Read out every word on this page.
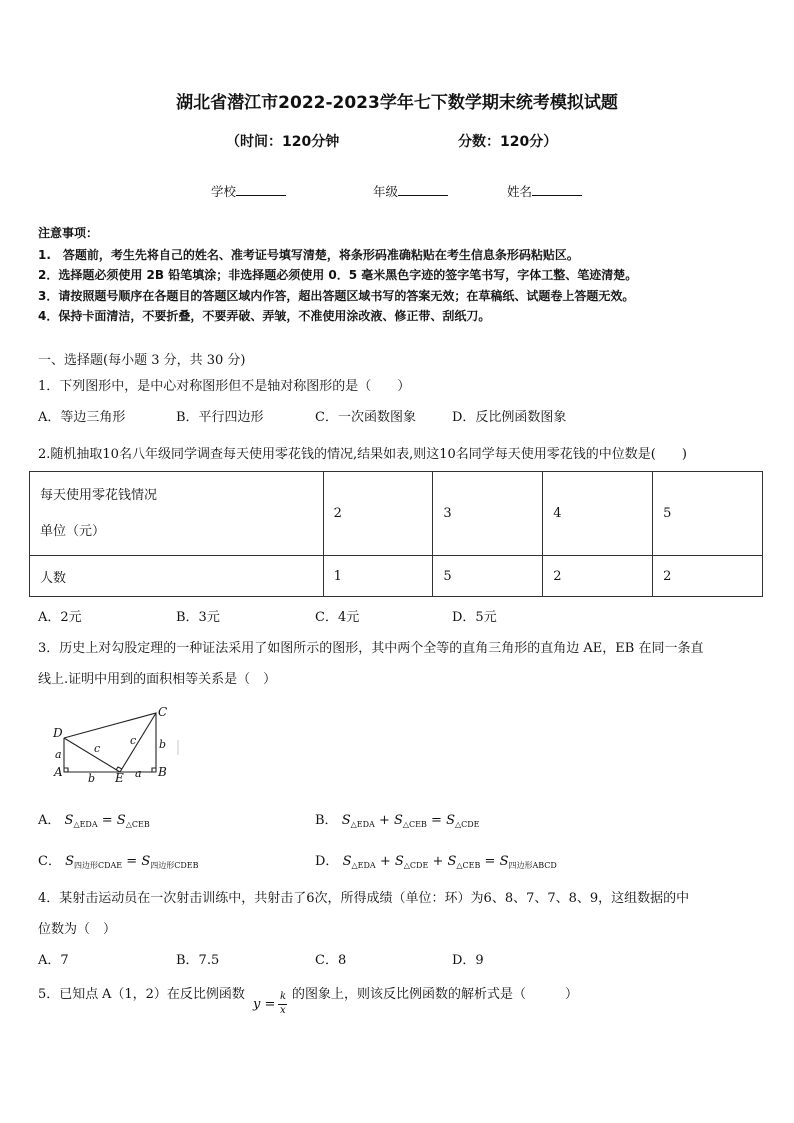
湖北省潜江市2022-2023学年七下数学期末统考模拟试题
（时间：120分钟	分数：120分）
学校	年级	姓名
注意事项：
1.　答题前，考生先将自己的姓名、准考证号填写清楚，将条形码准确粘贴在考生信息条形码粘贴区。
2．选择题必须使用 2B 铅笔填涂；非选择题必须使用 0．5 毫米黑色字迹的签字笔书写，字体工整、笔迹清楚。
3．请按照题号顺序在各题目的答题区域内作答，超出答题区域书写的答案无效；在草稿纸、试题卷上答题无效。
4．保持卡面清洁，不要折叠，不要弄破、弄皱，不准使用涂改液、修正带、刮纸刀。
一、选择题(每小题 3 分，共 30 分)
1．下列图形中，是中心对称图形但不是轴对称图形的是（　　）
A．等边三角形	B．平行四边形	C．一次函数图象	D．反比例函数图象
2.随机抽取10名八年级同学调查每天使用零花钱的情况,结果如表,则这10名同学每天使用零花钱的中位数是(　　)
每天使用零花钱情况
单位（元）	2	3	4	5
人数	1	5	2	2
A．2元	B．3元	C．4元	D．5元
3．历史上对勾股定理的一种证法采用了如图所示的图形，其中两个全等的直角三角形的直角边 AE，EB 在同一条直
线上.证明中用到的面积相等关系是（　）
D
C
A	E	B
a
b
c
c b
a
A． $S_{\triangle EDA} = S_{\triangle CEB}$	B． $S_{\triangle EDA} + S_{\triangle CEB} = S_{\triangle CDE}$
C． $S_{四边形CDAE} = S_{四边形CDEB}$	D． $S_{\triangle EDA} + S_{\triangle CDE} + S_{\triangle CEB} = S_{四边形ABCD}$
4．某射击运动员在一次射击训练中，共射击了6次，所得成绩（单位：环）为6、8、7、7、8、9，这组数据的中
位数为（　）
A．7	B．7.5	C．8	D．9
5．已知点 A（1，2）在反比例函数	的图象上，则该反比例函数的解析式是（　　　）
y =
k
x
